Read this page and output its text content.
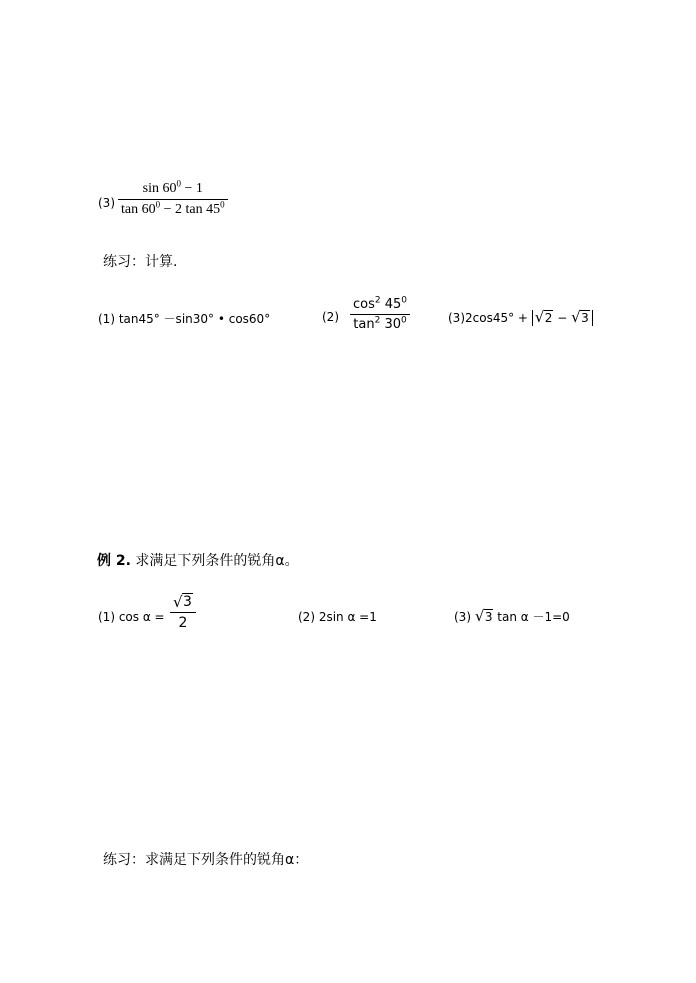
$(3) \frac{\sin 60^0 - 1}{\tan 60^0 - 2 \tan 45^0}$
练习：计算.
(1) tan45° －sin30° • cos60°	$(2) \frac{\cos^2 45^0}{\tan^2 30^0}$	(3)2cos45° + √ 2 − √ 3
例 2. 求满足下列条件的锐角α。
(1) $\cos \alpha = \frac{√ 3}{2}$	(2) 2sin α =1	(3) √ 3 tan α －1=0
练习：求满足下列条件的锐角α：
